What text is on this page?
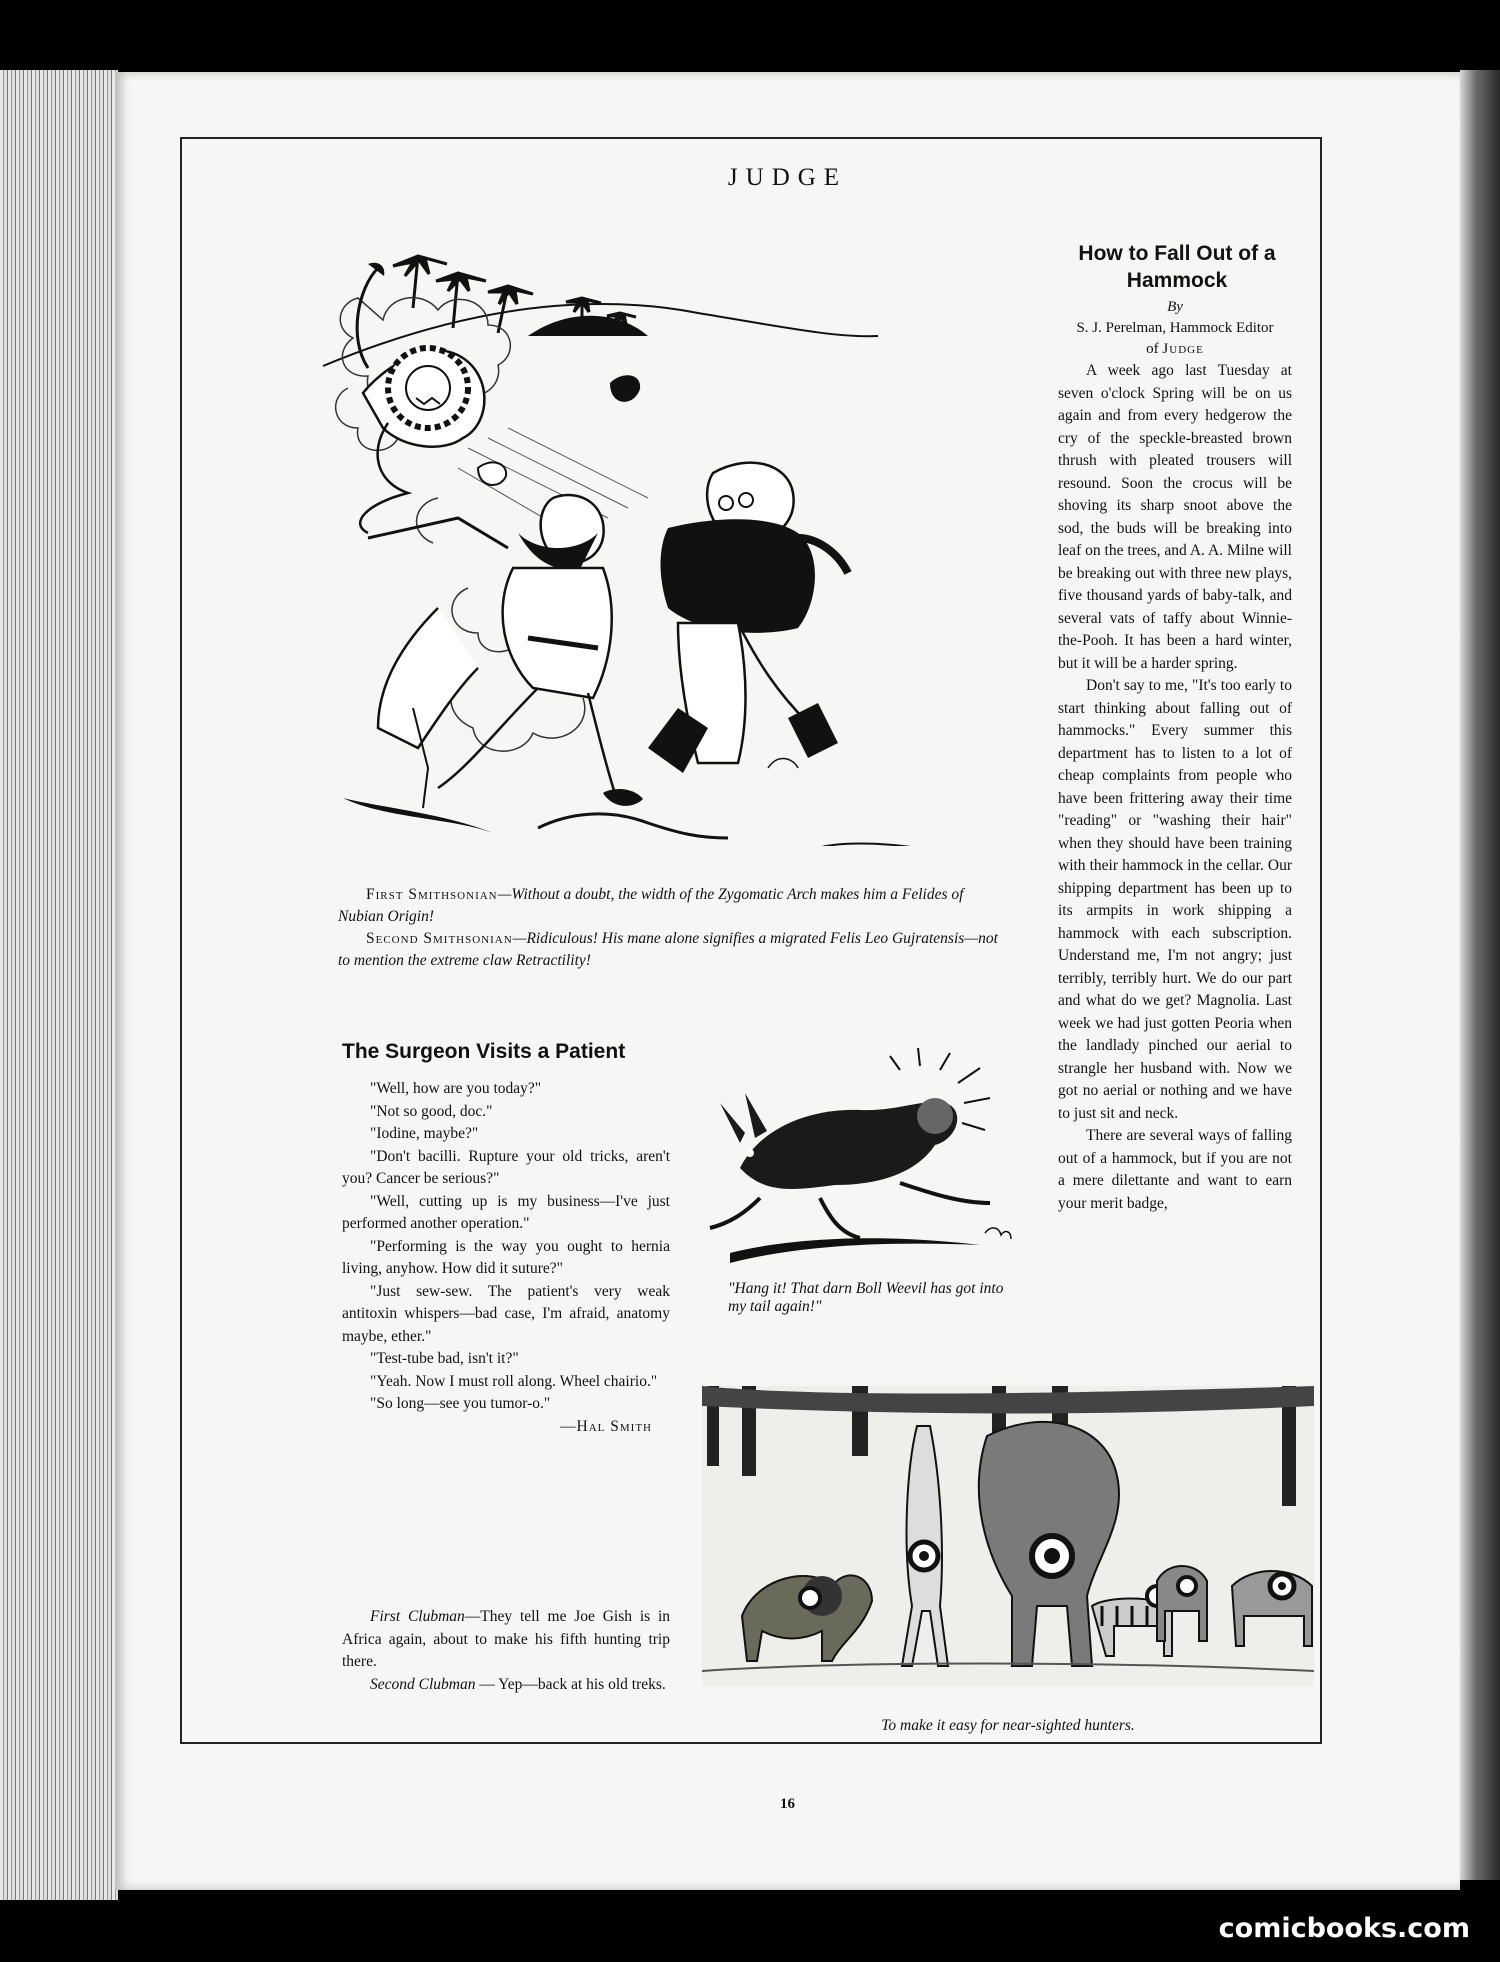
JUDGE
16

First Smithsonian—Without a doubt, the width of the Zygomatic Arch makes him a Felides of Nubian Origin!

Second Smithsonian—Ridiculous! His mane alone signifies a migrated Felis Leo Gujratensis—not to mention the extreme claw Retractility!

How to Fall Out of a Hammock
By
S. J. Perelman, Hammock Editor
of Judge

A week ago last Tuesday at seven o'clock Spring will be on us again and from every hedgerow the cry of the speckle-breasted brown thrush with pleated trousers will resound. Soon the crocus will be shoving its sharp snoot above the sod, the buds will be breaking into leaf on the trees, and A. A. Milne will be breaking out with three new plays, five thousand yards of baby-talk, and several vats of taffy about Winnie-the-Pooh. It has been a hard winter, but it will be a harder spring.

Don't say to me, "It's too early to start thinking about falling out of hammocks." Every summer this department has to listen to a lot of cheap complaints from people who have been frittering away their time "reading" or "washing their hair" when they should have been training with their hammock in the cellar. Our shipping department has been up to its armpits in work shipping a hammock with each subscription. Understand me, I'm not angry; just terribly, terribly hurt. We do our part and what do we get? Magnolia. Last week we had just gotten Peoria when the landlady pinched our aerial to strangle her husband with. Now we got no aerial or nothing and we have to just sit and neck.

There are several ways of falling out of a hammock, but if you are not a mere dilettante and want to earn your merit badge,

The Surgeon Visits a Patient

"Well, how are you today?"

"Not so good, doc."

"Iodine, maybe?"

"Don't bacilli. Rupture your old tricks, aren't you? Cancer be serious?"

"Well, cutting up is my business—I've just performed another operation."

"Performing is the way you ought to hernia living, anyhow. How did it suture?"

"Just sew-sew. The patient's very weak antitoxin whispers—bad case, I'm afraid, anatomy maybe, ether."

"Test-tube bad, isn't it?"

"Yeah. Now I must roll along. Wheel chairio."

"So long—see you tumor-o."

—Hal Smith

First Clubman—They tell me Joe Gish is in Africa again, about to make his fifth hunting trip there.

Second Clubman — Yep—back at his old treks.

"Hang it! That darn Boll Weevil has got into my tail again!"
To make it easy for near-sighted hunters.
comicbooks.com
